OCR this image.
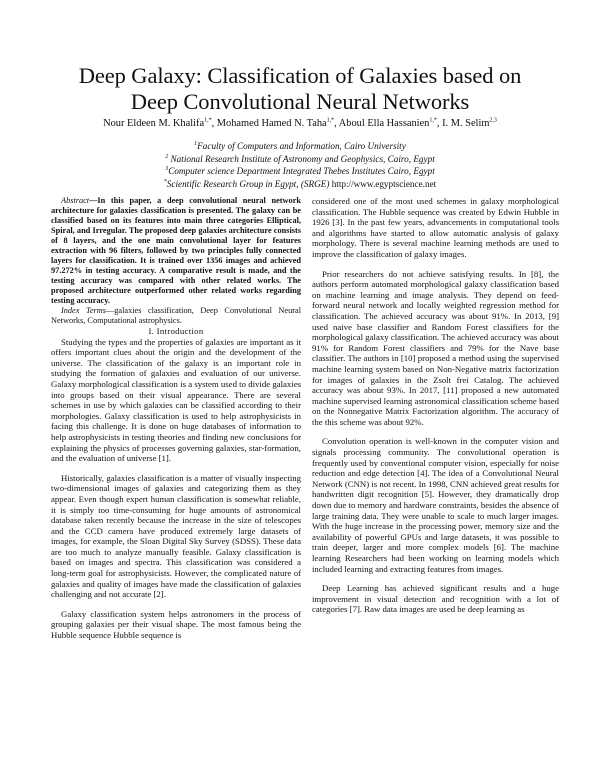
Deep Galaxy: Classification of Galaxies based on
Deep Convolutional Neural Networks
Nour Eldeen M. Khalifa$^{1,*}$, Mohamed Hamed N. Taha$^{1,*}$, Aboul Ella Hassanien$^{1,*}$, I. M. Selim$^{2,3}$
$^1$Faculty of Computers and Information, Cairo University
$^2$ National Research Institute of Astronomy and Geophysics, Cairo, Egypt
$^3$Computer science Department Integrated Thebes Institutes Cairo, Egypt
*Scientific Research Group in Egypt, (SRGE) http://www.egyptscience.net

Abstract—In this paper, a deep convolutional neural network architecture for galaxies classification is presented. The galaxy can be classified based on its features into main three categories Elliptical, Spiral, and Irregular. The proposed deep galaxies architecture consists of 8 layers, and the one main convolutional layer for features extraction with 96 filters, followed by two principles fully connected layers for classification. It is trained over 1356 images and achieved 97.272% in testing accuracy. A comparative result is made, and the testing accuracy was compared with other related works. The proposed architecture outperformed other related works regarding testing accuracy.

Index Terms—galaxies classification, Deep Convolutional Neural Networks, Computational astrophysics.

I. Introduction

Studying the types and the properties of galaxies are important as it offers important clues about the origin and the development of the universe. The classification of the galaxy is an important role in studying the formation of galaxies and evaluation of our universe. Galaxy morphological classification is a system used to divide galaxies into groups based on their visual appearance. There are several schemes in use by which galaxies can be classified according to their morphologies. Galaxy classification is used to help astrophysicists in facing this challenge. It is done on huge databases of information to help astrophysicists in testing theories and finding new conclusions for explaining the physics of processes governing galaxies, star-formation, and the evaluation of universe [1].

Historically, galaxies classification is a matter of visually inspecting two-dimensional images of galaxies and categorizing them as they appear. Even though expert human classification is somewhat reliable, it is simply too time-consuming for huge amounts of astronomical database taken recently because the increase in the size of telescopes and the CCD camera have produced extremely large datasets of images, for example, the Sloan Digital Sky Survey (SDSS). These data are too much to analyze manually feasible. Galaxy classification is based on images and spectra. This classification was considered a long-term goal for astrophysicists. However, the complicated nature of galaxies and quality of images have made the classification of galaxies challenging and not accurate [2].

Galaxy classification system helps astronomers in the process of grouping galaxies per their visual shape. The most famous being the Hubble sequence Hubble sequence is

considered one of the most used schemes in galaxy morphological classification. The Hubble sequence was created by Edwin Hubble in 1926 [3]. In the past few years, advancements in computational tools and algorithms have started to allow automatic analysis of galaxy morphology. There is several machine learning methods are used to improve the classification of galaxy images.

Prior researchers do not achieve satisfying results. In [8], the authors perform automated morphological galaxy classification based on machine learning and image analysis. They depend on feed-forward neural network and locally weighted regression method for classification. The achieved accuracy was about 91%. In 2013, [9] used naive base classifier and Random Forest classifiers for the morphological galaxy classification. The achieved accuracy was about 91% for Random Forest classifiers and 79% for the Nave base classifier. The authors in [10] proposed a method using the supervised machine learning system based on Non-Negative matrix factorization for images of galaxies in the Zsolt frei Catalog. The achieved accuracy was about 93%. In 2017, [11] proposed a new automated machine supervised learning astronomical classification scheme based on the Nonnegative Matrix Factorization algorithm. The accuracy of the this scheme was about 92%.

Convolution operation is well-known in the computer vision and signals processing community. The convolutional operation is frequently used by conventional computer vision, especially for noise reduction and edge detection [4]. The idea of a Convolutional Neural Network (CNN) is not recent. In 1998, CNN achieved great results for handwritten digit recognition [5]. However, they dramatically drop down due to memory and hardware constraints, besides the absence of large training data. They were unable to scale to much larger images. With the huge increase in the processing power, memory size and the availability of powerful GPUs and large datasets, it was possible to train deeper, larger and more complex models [6]. The machine learning Researchers had been working on learning models which included learning and extracting features from images.

Deep Learning has achieved significant results and a huge improvement in visual detection and recognition with a lot of categories [7]. Raw data images are used be deep learning as
